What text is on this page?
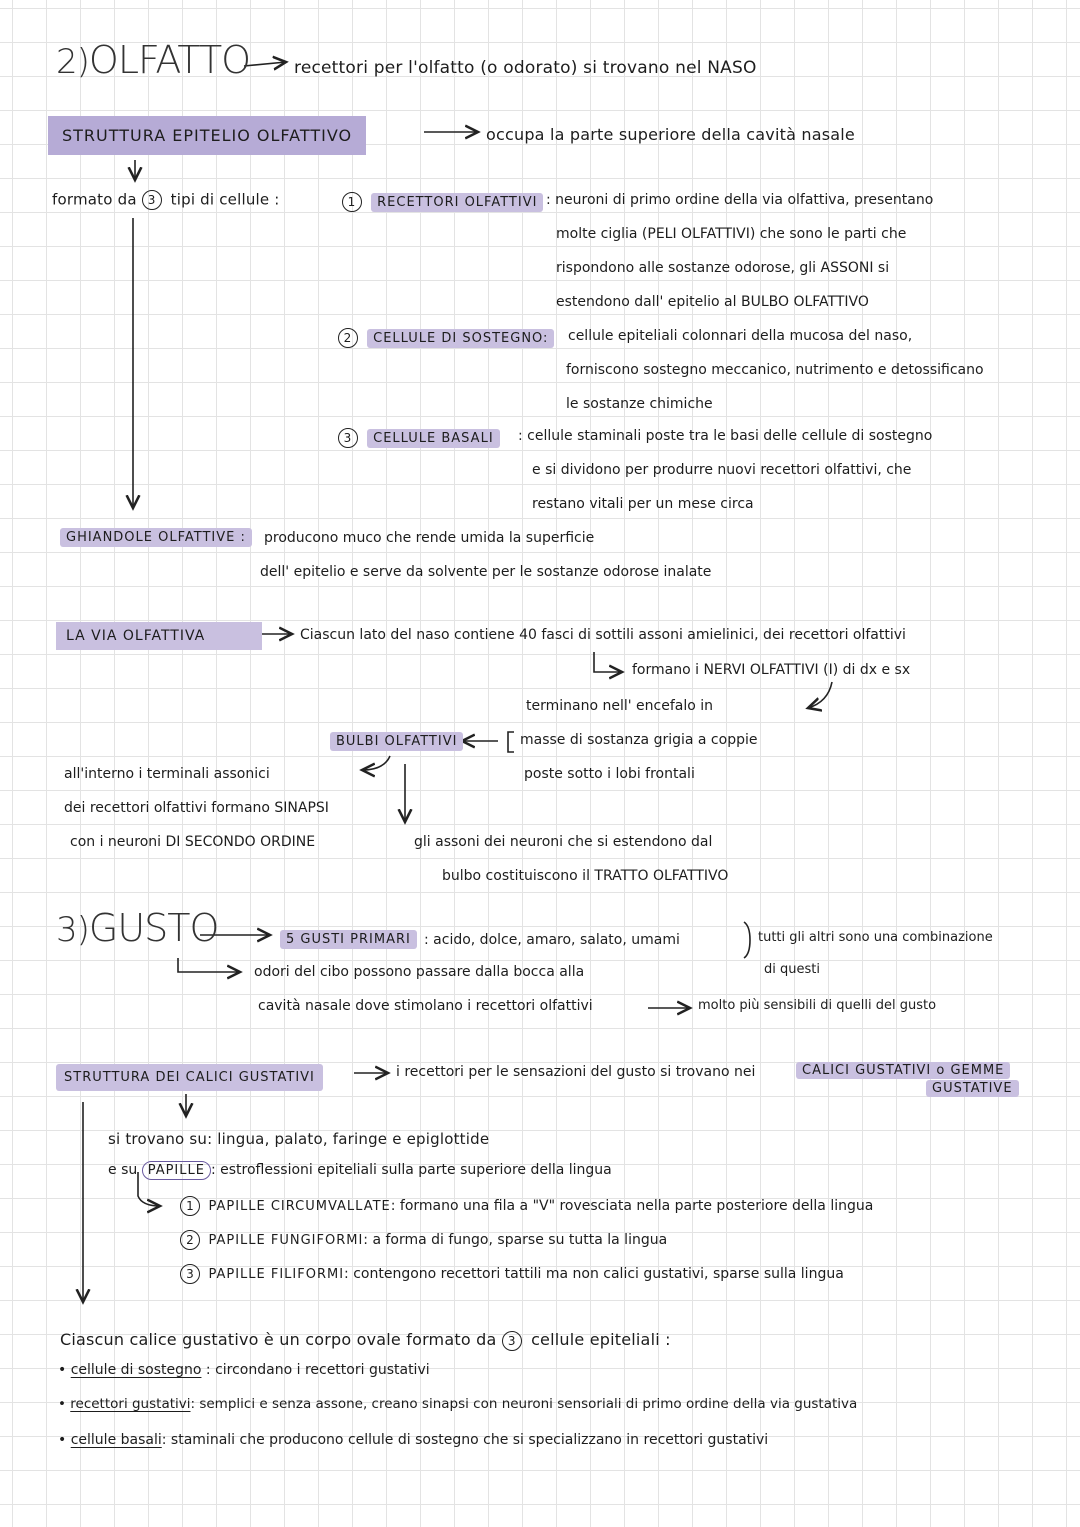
2)OLFATTO	recettori per l'olfatto (o odorato) si trovano nel NASO
STRUTTURA EPITELIO OLFATTIVO	occupa la parte superiore della cavità nasale
formato da 3 tipi di cellule :	1 RECETTORI OLFATTIVI : neuroni di primo ordine della via olfattiva, presentano
molte ciglia (PELI OLFATTIVI) che sono le parti che
rispondono alle sostanze odorose, gli ASSONI si
estendono dall' epitelio al BULBO OLFATTIVO
2 CELLULE DI SOSTEGNO:	cellule epiteliali colonnari della mucosa del naso,
forniscono sostegno meccanico, nutrimento e detossificano
le sostanze chimiche
3 CELLULE BASALI	: cellule staminali poste tra le basi delle cellule di sostegno
e si dividono per produrre nuovi recettori olfattivi, che
restano vitali per un mese circa
GHIANDOLE OLFATTIVE :	producono muco che rende umida la superficie
dell' epitelio e serve da solvente per le sostanze odorose inalate
LA VIA OLFATTIVA	Ciascun lato del naso contiene 40 fasci di sottili assoni amielinici, dei recettori olfattivi
formano i NERVI OLFATTIVI (I) di dx e sx
terminano nell' encefalo in
BULBI OLFATTIVI	masse di sostanza grigia a coppie
poste sotto i lobi frontali
all'interno i terminali assonici
dei recettori olfattivi formano SINAPSI
con i neuroni DI SECONDO ORDINE	gli assoni dei neuroni che si estendono dal
bulbo costituiscono il TRATTO OLFATTIVO
3)GUSTO	5 GUSTI PRIMARI : acido, dolce, amaro, salato, umami	tutti gli altri sono una combinazione
di questi
odori del cibo possono passare dalla bocca alla
cavità nasale dove stimolano i recettori olfattivi	molto più sensibili di quelli del gusto
STRUTTURA DEI CALICI GUSTATIVI	i recettori per le sensazioni del gusto si trovano nei	CALICI GUSTATIVI o GEMME
GUSTATIVE
si trovano su: lingua, palato, faringe e epiglottide
e su PAPILLE : estroflessioni epiteliali sulla parte superiore della lingua
1 PAPILLE CIRCUMVALLATE: formano una fila a "V" rovesciata nella parte posteriore della lingua
2 PAPILLE FUNGIFORMI: a forma di fungo, sparse su tutta la lingua
3 PAPILLE FILIFORMI: contengono recettori tattili ma non calici gustativi, sparse sulla lingua
Ciascun calice gustativo è un corpo ovale formato da 3 cellule epiteliali :
• cellule di sostegno : circondano i recettori gustativi
• recettori gustativi: semplici e senza assone, creano sinapsi con neuroni sensoriali di primo ordine della via gustativa
• cellule basali: staminali che producono cellule di sostegno che si specializzano in recettori gustativi
